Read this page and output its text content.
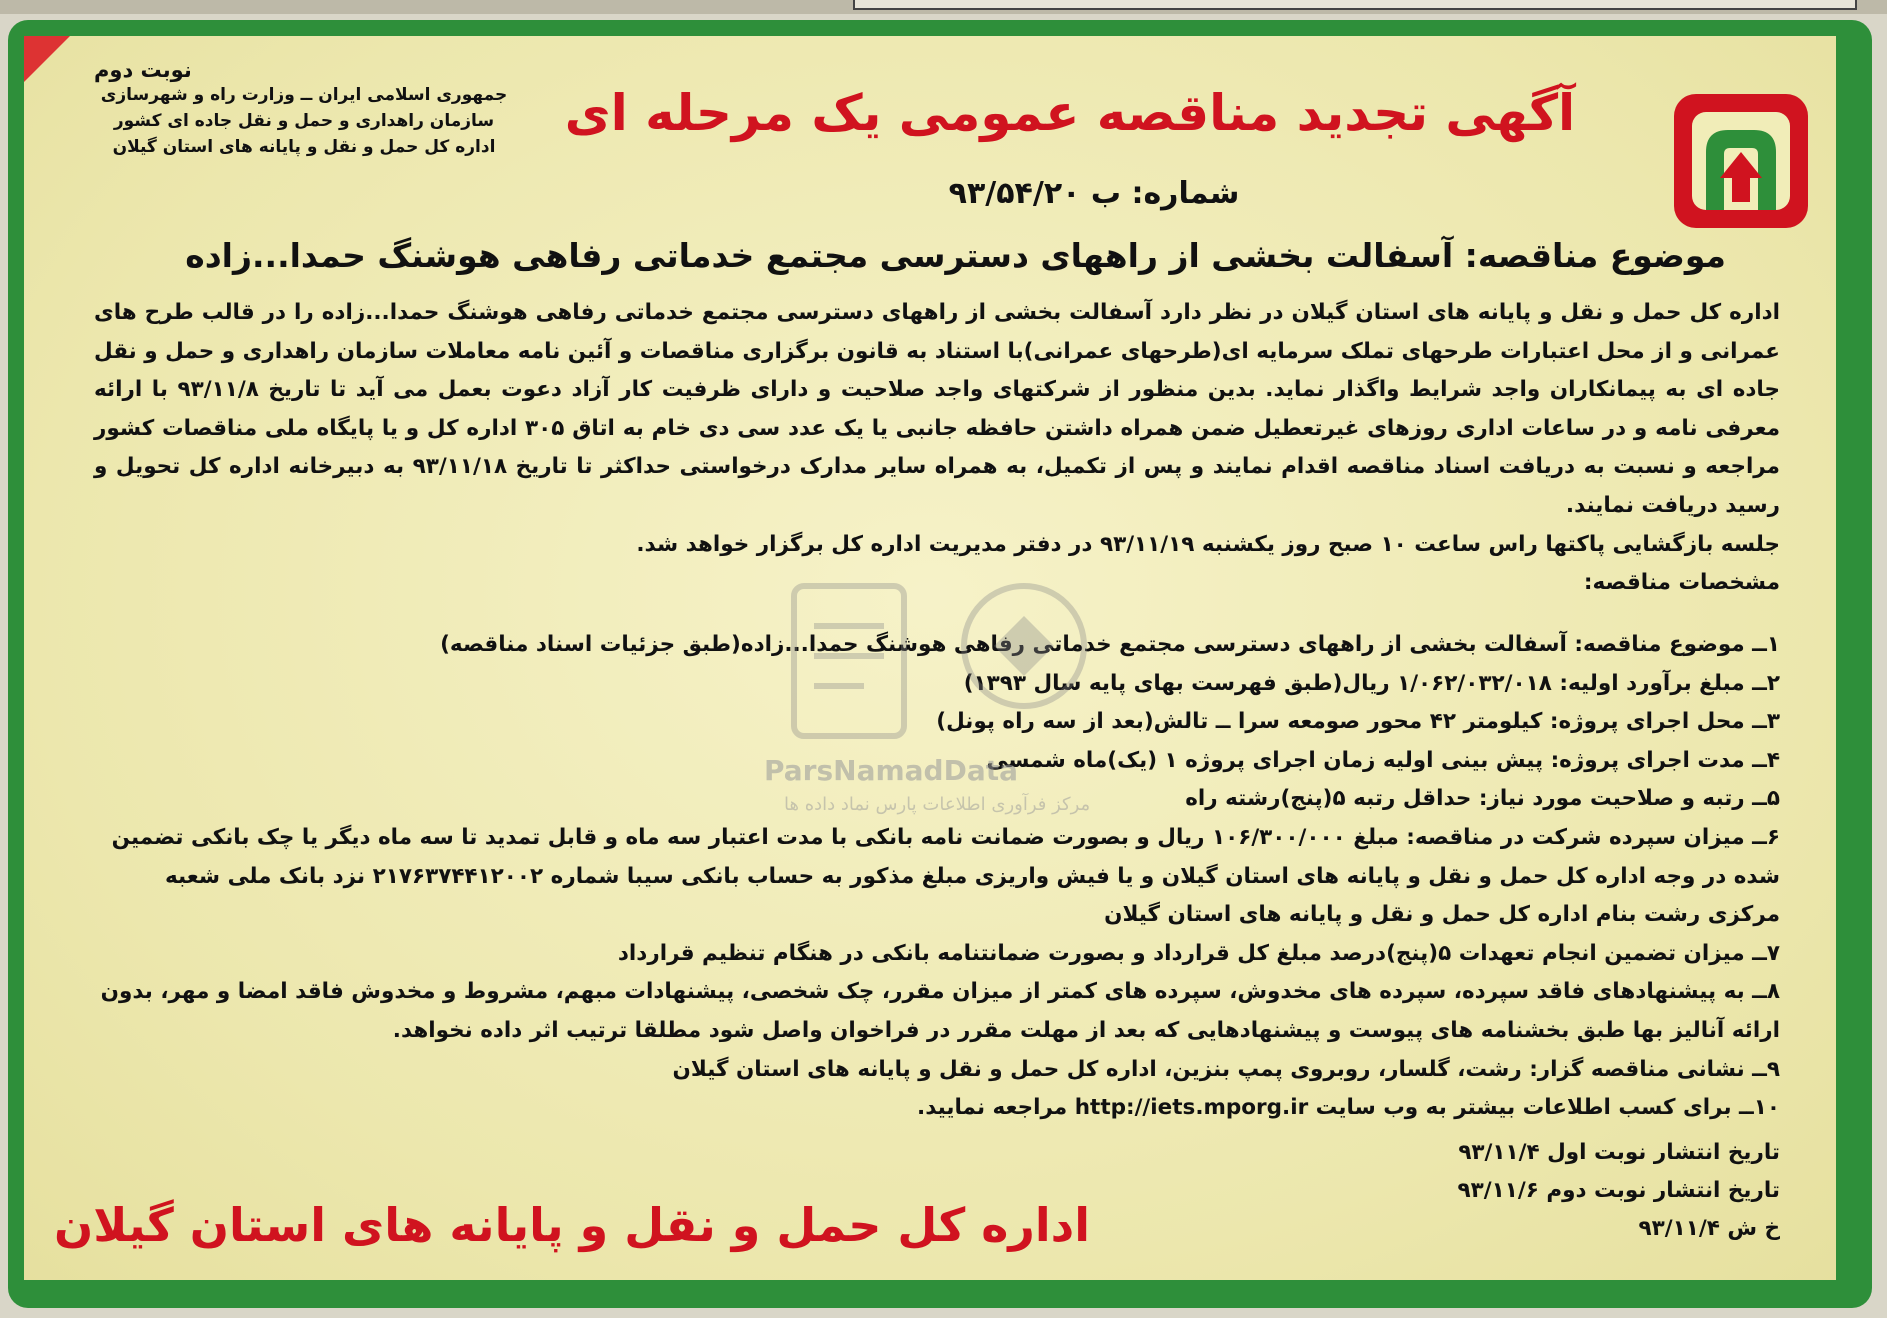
نوبت دوم
جمهوری اسلامی ایران ــ وزارت راه و شهرسازی
سازمان راهداری و حمل و نقل جاده ای کشور
اداره کل حمل و نقل و پایانه های استان گیلان
آگهی تجدید مناقصه عمومی یک مرحله ای
شماره: ب ۹۳/۵۴/۲۰
موضوع مناقصه: آسفالت بخشی از راههای دسترسی مجتمع خدماتی رفاهی هوشنگ حمدا...زاده

اداره کل حمل و نقل و پایانه های استان گیلان در نظر دارد آسفالت بخشی از راههای دسترسی مجتمع خدماتی رفاهی هوشنگ حمدا...زاده را در قالب طرح های عمرانی و از محل اعتبارات طرحهای تملک سرمایه ای(طرحهای عمرانی)با استناد به قانون برگزاری مناقصات و آئین نامه معاملات سازمان راهداری و حمل و نقل جاده ای به پیمانکاران واجد شرایط واگذار نماید. بدین منظور از شرکتهای واجد صلاحیت و دارای ظرفیت کار آزاد دعوت بعمل می آید تا تاریخ ۹۳/۱۱/۸ با ارائه معرفی نامه و در ساعات اداری روزهای غیرتعطیل ضمن همراه داشتن حافظه جانبی یا یک عدد سی دی خام به اتاق ۳۰۵ اداره کل و یا پایگاه ملی مناقصات کشور مراجعه و نسبت به دریافت اسناد مناقصه اقدام نمایند و پس از تکمیل، به همراه سایر مدارک درخواستی حداکثر تا تاریخ ۹۳/۱۱/۱۸ به دبیرخانه اداره کل تحویل و رسید دریافت نمایند.

جلسه بازگشایی پاکتها راس ساعت ۱۰ صبح روز یکشنبه ۹۳/۱۱/۱۹ در دفتر مدیریت اداره کل برگزار خواهد شد.

مشخصات مناقصه:

۱ــ موضوع مناقصه: آسفالت بخشی از راههای دسترسی مجتمع خدماتی رفاهی هوشنگ حمدا...زاده(طبق جزئیات اسناد مناقصه)

۲ــ مبلغ برآورد اولیه: ۱/۰۶۲/۰۳۲/۰۱۸ ریال(طبق فهرست بهای پایه سال ۱۳۹۳)

۳ــ محل اجرای پروژه: کیلومتر ۴۲ محور صومعه سرا ــ تالش(بعد از سه راه پونل)

۴ــ مدت اجرای پروژه: پیش بینی اولیه زمان اجرای پروژه ۱ (یک)ماه شمسی

۵ــ رتبه و صلاحیت مورد نیاز: حداقل رتبه ۵(پنج)رشته راه

۶ــ میزان سپرده شرکت در مناقصه: مبلغ ۱۰۶/۳۰۰/۰۰۰ ریال و بصورت ضمانت نامه بانکی با مدت اعتبار سه ماه و قابل تمدید تا سه ماه دیگر یا چک بانکی تضمین شده در وجه اداره کل حمل و نقل و پایانه های استان گیلان و یا فیش واریزی مبلغ مذکور به حساب بانکی سیبا شماره ۲۱۷۶۳۷۴۴۱۲۰۰۲ نزد بانک ملی شعبه مرکزی رشت بنام اداره کل حمل و نقل و پایانه های استان گیلان

۷ــ میزان تضمین انجام تعهدات ۵(پنج)درصد مبلغ کل قرارداد و بصورت ضمانتنامه بانکی در هنگام تنظیم قرارداد

۸ــ به پیشنهادهای فاقد سپرده، سپرده های مخدوش، سپرده های کمتر از میزان مقرر، چک شخصی، پیشنهادات مبهم، مشروط و مخدوش فاقد امضا و مهر، بدون ارائه آنالیز بها طبق بخشنامه های پیوست و پیشنهادهایی که بعد از مهلت مقرر در فراخوان واصل شود مطلقا ترتیب اثر داده نخواهد.

۹ــ نشانی مناقصه گزار: رشت، گلسار، روبروی پمپ بنزین، اداره کل حمل و نقل و پایانه های استان گیلان

۱۰ــ برای کسب اطلاعات بیشتر به وب سایت http://iets.mporg.ir مراجعه نمایید.

تاریخ انتشار نوبت اول ۹۳/۱۱/۴

تاریخ انتشار نوبت دوم ۹۳/۱۱/۶

خ ش ۹۳/۱۱/۴

اداره کل حمل و نقل و پایانه های استان گیلان
ParsNamadData
مرکز فرآوری اطلاعات پارس نماد داده ها
